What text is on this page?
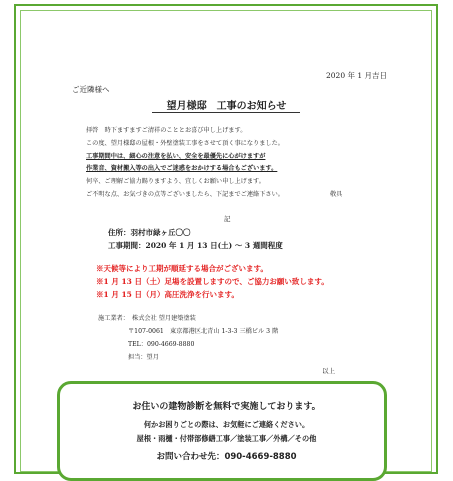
2020 年 1 月吉日
ご近隣様へ
望月様邸　工事のお知らせ
拝啓　時下ますますご清祥のこととお喜び申し上げます。
この度、望月様邸の屋根・外壁塗装工事をさせて頂く事になりました。
工事期間中は、細心の注意を払い、安全を最優先に心がけますが
作業音、資材搬入等の出入でご迷惑をおかけする場合もございます。
何卒、ご理解ご協力賜りますよう、宜しくお願い申し上げます。
ご不明な点、お気づきの点等ございましたら、下記までご連絡下さい。	敬具
記
住所：羽村市緑ヶ丘〇〇
工事期間：2020 年 1 月 13 日(土) ～ 3 週間程度
※天候等により工期が順延する場合がございます。
※1 月 13 日（土）足場を設置しますので、ご協力お願い致します。
※1 月 15 日（月）高圧洗浄を行います。
施工業者：　株式会社 望月建築塗装
〒107-0061　東京都港区北青山 1-3-3 三橋ビル 3 階
TEL：090-4669-8880
担当：望月
以上
お住いの建物診断を無料で実施しております。
何かお困りごとの際は、お気軽にご連絡ください。
屋根・雨樋・付帯部修繕工事／塗装工事／外構／その他
お問い合わせ先：090-4669-8880
